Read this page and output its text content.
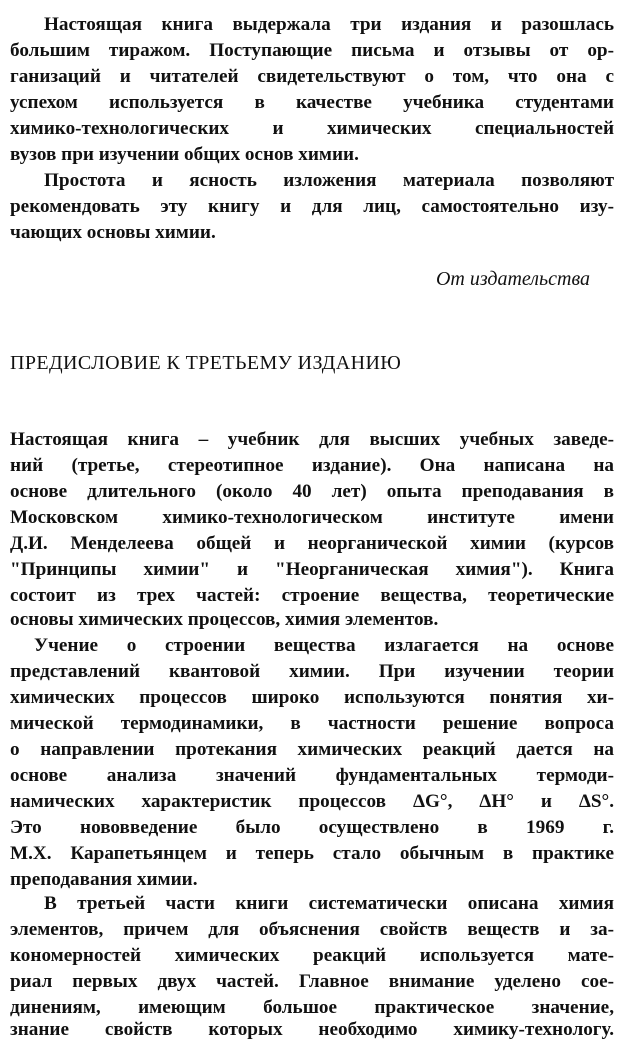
Настоящая книга выдержала три издания и разошлась
большим тиражом. Поступающие письма и отзывы от ор-
ганизаций и читателей свидетельствуют о том, что она с
успехом используется в качестве учебника студентами
химико-технологических и химических специальностей
вузов при изучении общих основ химии.
Простота и ясность изложения материала позволяют
рекомендовать эту книгу и для лиц, самостоятельно изу-
чающих основы химии.
От издательства
ПРЕДИСЛОВИЕ К ТРЕТЬЕМУ ИЗДАНИЮ
Настоящая книга – учебник для высших учебных заведе-
ний (третье, стереотипное издание). Она написана на
основе длительного (около 40 лет) опыта преподавания в
Московском химико-технологическом институте имени
Д.И. Менделеева общей и неорганической химии (курсов
"Принципы химии" и "Неорганическая химия"). Книга
состоит из трех частей: строение вещества, теоретические
основы химических процессов, химия элементов.
Учение о строении вещества излагается на основе
представлений квантовой химии. При изучении теории
химических процессов широко используются понятия хи-
мической термодинамики, в частности решение вопроса
о направлении протекания химических реакций дается на
основе анализа значений фундаментальных термоди-
намических характеристик процессов ΔG°, ΔH° и ΔS°.
Это нововведение было осуществлено в 1969 г.
М.Х. Карапетьянцем и теперь стало обычным в практике
преподавания химии.
В третьей части книги систематически описана химия
элементов, причем для объяснения свойств веществ и за-
кономерностей химических реакций используется мате-
риал первых двух частей. Главное внимание уделено сое-
динениям, имеющим большое практическое значение,
знание свойств которых необходимо химику-технологу.
